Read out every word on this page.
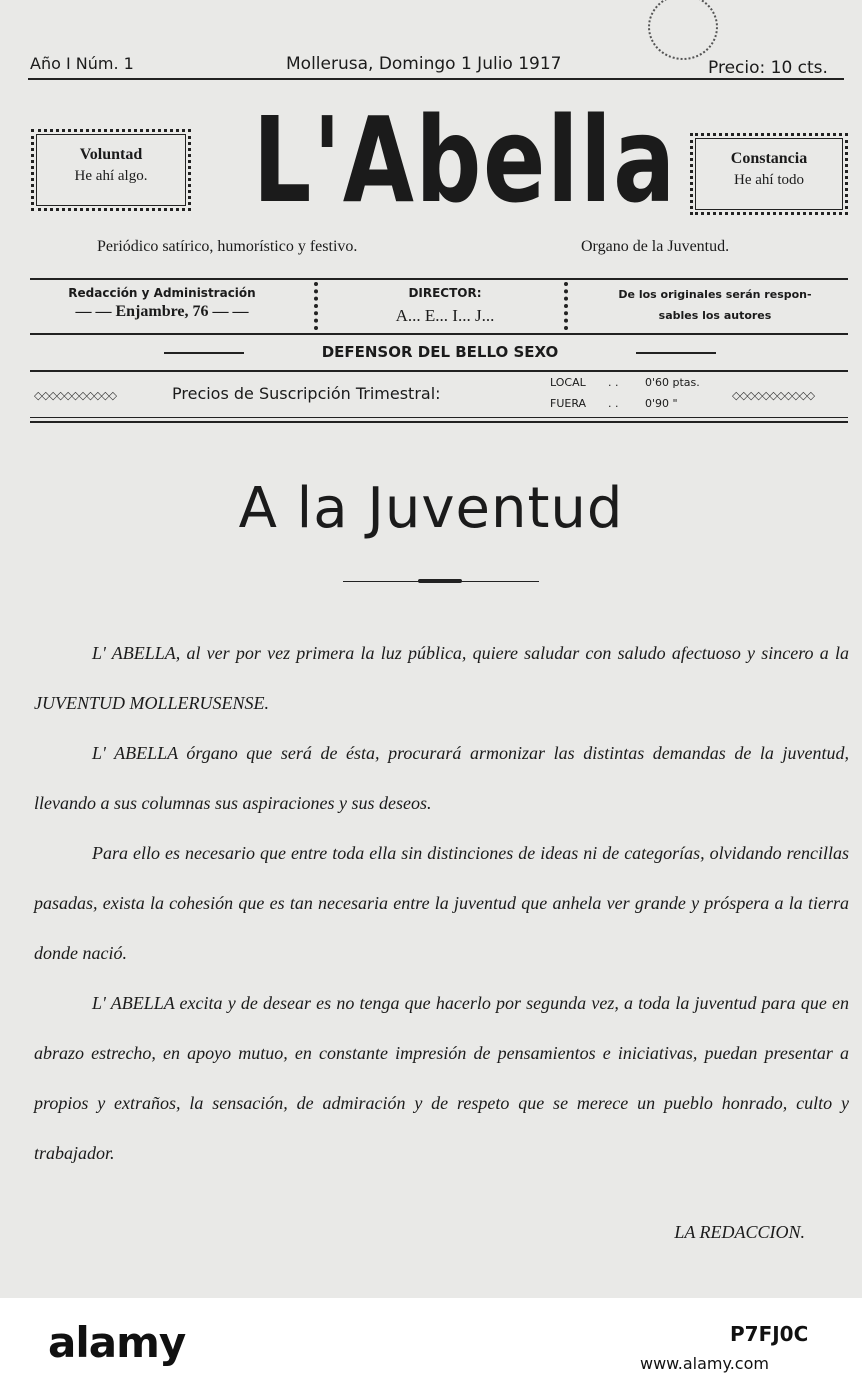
Año I Núm. 1	Mollerusa, Domingo 1 Julio 1917	Precio: 10 cts.
Voluntad
He ahí algo.
Constancia
He ahí todo
L'Abella
Periódico satírico, humorístico y festivo.	Organo de la Juventud.
Redacción y Administración
— — Enjambre, 76 — —
DIRECTOR:
A... E... I... J...
De los originales serán respon-
sables los autores
DEFENSOR DEL BELLO SEXO
◇◇◇◇◇◇◇◇◇◇◇	Precios de Suscripción Trimestral:
LOCAL . . 0'60 ptas.
FUERA . . 0'90 "
◇◇◇◇◇◇◇◇◇◇◇
A la Juventud

L' ABELLA, al ver por vez primera la luz pública, quiere saludar con saludo afectuoso y sincero a la JUVENTUD MOLLERUSENSE.

L' ABELLA órgano que será de ésta, procurará armonizar las distintas demandas de la juventud, llevando a sus columnas sus aspiraciones y sus deseos.

Para ello es necesario que entre toda ella sin distinciones de ideas ni de categorías, olvidando rencillas pasadas, exista la cohesión que es tan necesaria entre la juventud que anhela ver grande y próspera a la tierra donde nació.

L' ABELLA excita y de desear es no tenga que hacerlo por segunda vez, a toda la juventud para que en abrazo estrecho, en apoyo mutuo, en constante impresión de pensamientos e iniciativas, puedan presentar a propios y extraños, la sensación, de admiración y de respeto que se merece un pueblo honrado, culto y trabajador.

LA REDACCION.
alamy	P7FJ0C
www.alamy.com
